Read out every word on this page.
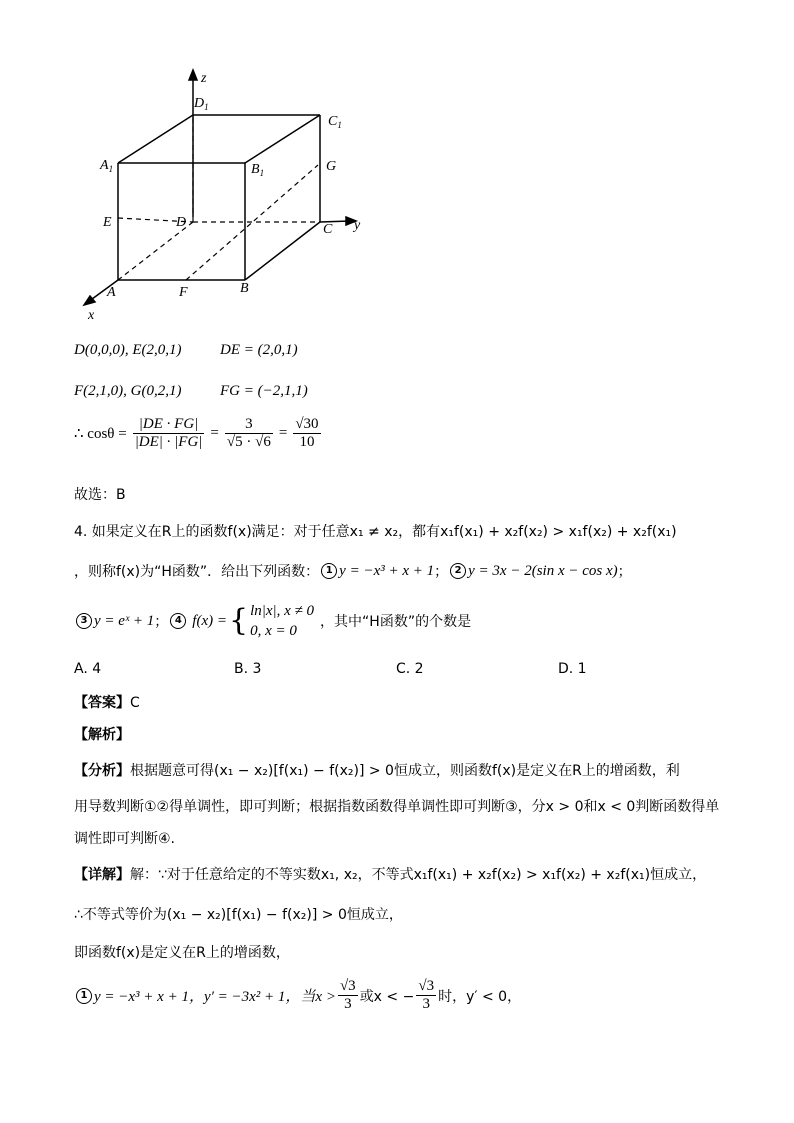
z
y
x
$D_1$
$C_1$
$A_1$	$B_1$	G
E	D	C
A	F	B
D(0,0,0), E(2,0,1)	DE = (2,0,1)
F(2,1,0), G(0,2,1)	FG = (−2,1,1)
∴ $\cos\theta = \frac{|DE \cdot FG|}{|DE| \cdot |FG|} = \frac{3}{√5 \cdot √6} = \frac{√30}{10}$
故选：B
4. 如果定义在R上的函数f(x)满足：对于任意x₁ ≠ x₂，都有x₁f(x₁) + x₂f(x₂) > x₁f(x₂) + x₂f(x₁)
，则称f(x)为“H函数”．给出下列函数： 1 y = −x³ + x + 1 ； 2 y = 3x − 2(sin x − cos x) ；
3 y = eˣ + 1 ； 4 f(x) = { ln|x|, x ≠ 0
0, x = 0
，其中“H函数”的个数是
A. 4	B. 3	C. 2	D. 1
【答案】C
【解析】
【分析】根据题意可得(x₁ − x₂)[f(x₁) − f(x₂)] > 0恒成立，则函数f(x)是定义在R上的增函数，利
用导数判断①②得单调性，即可判断；根据指数函数得单调性即可判断③，分x > 0和x < 0判断函数得单
调性即可判断④.
【详解】解：∵对于任意给定的不等实数x₁, x₂，不等式x₁f(x₁) + x₂f(x₂) > x₁f(x₂) + x₂f(x₁)恒成立，
∴不等式等价为(x₁ − x₂)[f(x₁) − f(x₂)] > 0恒成立，
即函数f(x)是定义在R上的增函数，
1 y = −x³ + x + 1，y′ = −3x² + 1，当$x > \frac{√3}{3}$ 或x < − $\frac{√3}{3}$ 时，y′ < 0，
